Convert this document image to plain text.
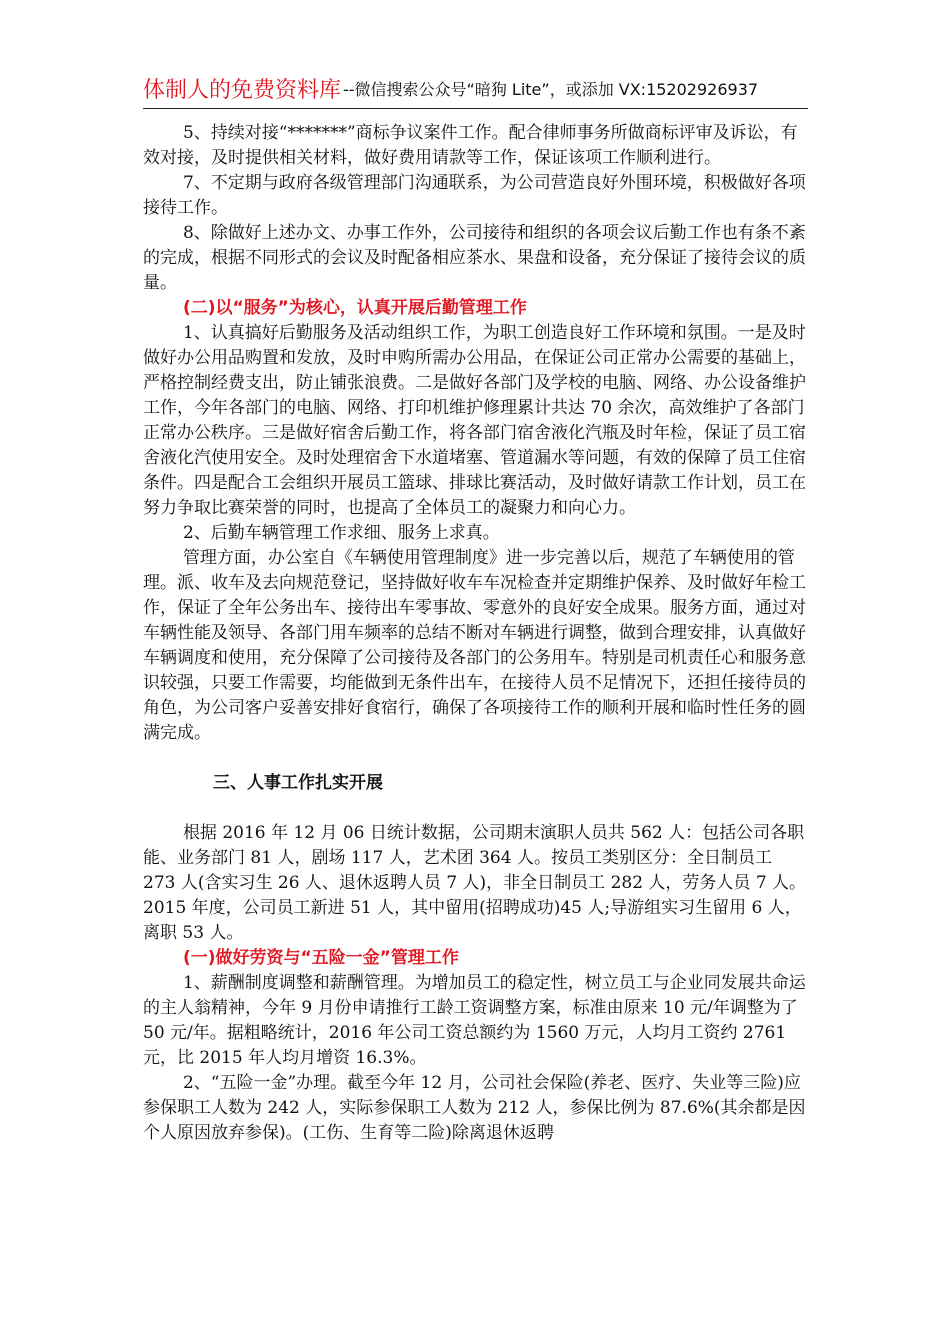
体制人的免费资料库 --微信搜索公众号“暗狗 Lite”，或添加 VX:15202926937

5、持续对接“*******”商标争议案件工作。配合律师事务所做商标评审及诉讼，有效对接，及时提供相关材料，做好费用请款等工作，保证该项工作顺利进行。

7、不定期与政府各级管理部门沟通联系，为公司营造良好外围环境，积极做好各项接待工作。

8、除做好上述办文、办事工作外，公司接待和组织的各项会议后勤工作也有条不紊的完成，根据不同形式的会议及时配备相应茶水、果盘和设备，充分保证了接待会议的质量。

(二)以“服务”为核心，认真开展后勤管理工作

1、认真搞好后勤服务及活动组织工作，为职工创造良好工作环境和氛围。一是及时做好办公用品购置和发放，及时申购所需办公用品，在保证公司正常办公需要的基础上，严格控制经费支出，防止铺张浪费。二是做好各部门及学校的电脑、网络、办公设备维护工作，今年各部门的电脑、网络、打印机维护修理累计共达 70 余次，高效维护了各部门正常办公秩序。三是做好宿舍后勤工作，将各部门宿舍液化汽瓶及时年检，保证了员工宿舍液化汽使用安全。及时处理宿舍下水道堵塞、管道漏水等问题，有效的保障了员工住宿条件。四是配合工会组织开展员工篮球、排球比赛活动，及时做好请款工作计划，员工在努力争取比赛荣誉的同时，也提高了全体员工的凝聚力和向心力。

2、后勤车辆管理工作求细、服务上求真。

管理方面，办公室自《车辆使用管理制度》进一步完善以后，规范了车辆使用的管理。派、收车及去向规范登记，坚持做好收车车况检查并定期维护保养、及时做好年检工作，保证了全年公务出车、接待出车零事故、零意外的良好安全成果。服务方面，通过对车辆性能及领导、各部门用车频率的总结不断对车辆进行调整，做到合理安排，认真做好车辆调度和使用，充分保障了公司接待及各部门的公务用车。特别是司机责任心和服务意识较强，只要工作需要，均能做到无条件出车，在接待人员不足情况下，还担任接待员的角色，为公司客户妥善安排好食宿行，确保了各项接待工作的顺利开展和临时性任务的圆满完成。

三、人事工作扎实开展

根据 2016 年 12 月 06 日统计数据，公司期末演职人员共 562 人：包括公司各职能、业务部门 81 人，剧场 117 人，艺术团 364 人。按员工类别区分：全日制员工 273 人(含实习生 26 人、退休返聘人员 7 人)，非全日制员工 282 人，劳务人员 7 人。2015 年度，公司员工新进 51 人，其中留用(招聘成功)45 人;导游组实习生留用 6 人，离职 53 人。

(一)做好劳资与“五险一金”管理工作

1、薪酬制度调整和薪酬管理。为增加员工的稳定性，树立员工与企业同发展共命运的主人翁精神，今年 9 月份申请推行工龄工资调整方案，标准由原来 10 元/年调整为了 50 元/年。据粗略统计，2016 年公司工资总额约为 1560 万元，人均月工资约 2761 元，比 2015 年人均月增资 16.3%。

2、“五险一金”办理。截至今年 12 月，公司社会保险(养老、医疗、失业等三险)应参保职工人数为 242 人，实际参保职工人数为 212 人，参保比例为 87.6%(其余都是因个人原因放弃参保)。(工伤、生育等二险)除离退休返聘
